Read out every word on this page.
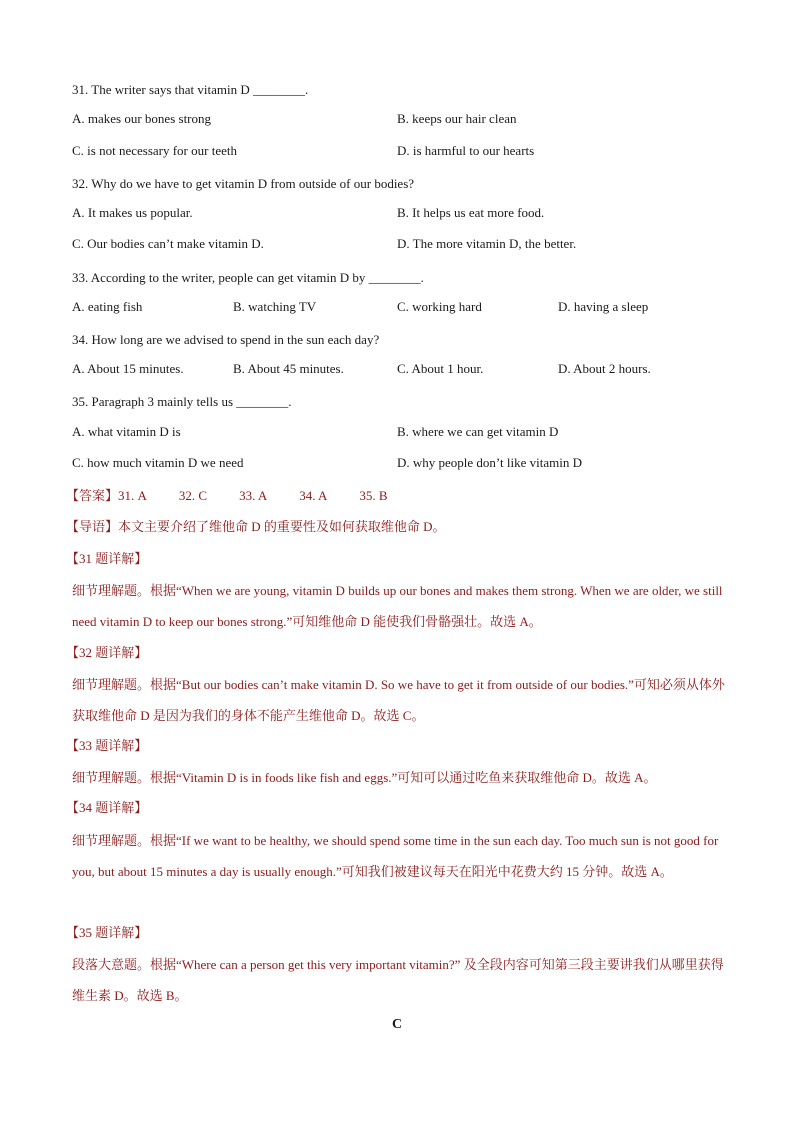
31. The writer says that vitamin D ________.
A. makes our bones strong	B. keeps our hair clean
C. is not necessary for our teeth	D. is harmful to our hearts
32. Why do we have to get vitamin D from outside of our bodies?
A. It makes us popular.	B. It helps us eat more food.
C. Our bodies can’t make vitamin D.	D. The more vitamin D, the better.
33. According to the writer, people can get vitamin D by ________.
A. eating fish	B. watching TV	C. working hard	D. having a sleep
34. How long are we advised to spend in the sun each day?
A. About 15 minutes.	B. About 45 minutes.	C. About 1 hour.	D. About 2 hours.
35. Paragraph 3 mainly tells us ________.
A. what vitamin D is	B. where we can get vitamin D
C. how much vitamin D we need	D. why people don’t like vitamin D
【答案】31. A 32. C 33. A 34. A 35. B
【导语】本文主要介绍了维他命 D 的重要性及如何获取维他命 D。
【31 题详解】
细节理解题。根据“When we are young, vitamin D builds up our bones and makes them strong. When we are older, we still need vitamin D to keep our bones strong.”可知维他命 D 能使我们骨骼强壮。故选 A。
【32 题详解】
细节理解题。根据“But our bodies can’t make vitamin D. So we have to get it from outside of our bodies.”可知必须从体外获取维他命 D 是因为我们的身体不能产生维他命 D。故选 C。
【33 题详解】
细节理解题。根据“Vitamin D is in foods like fish and eggs.”可知可以通过吃鱼来获取维他命 D。故选 A。
【34 题详解】
细节理解题。根据“If we want to be healthy, we should spend some time in the sun each day. Too much sun is not good for you, but about 15 minutes a day is usually enough.”可知我们被建议每天在阳光中花费大约 15 分钟。故选 A。
【35 题详解】
段落大意题。根据“Where can a person get this very important vitamin?” 及全段内容可知第三段主要讲我们从哪里获得维生素 D。故选 B。
C
